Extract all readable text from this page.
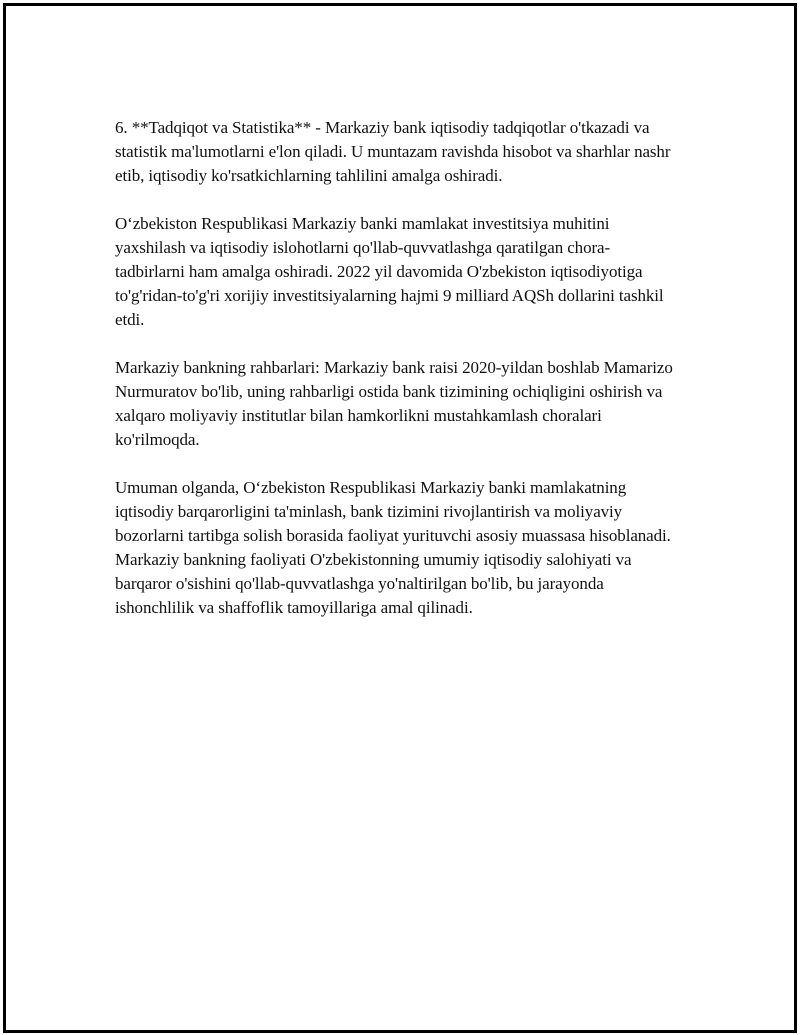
6. **Tadqiqot va Statistika** - Markaziy bank iqtisodiy tadqiqotlar o'tkazadi va statistik ma'lumotlarni e'lon qiladi. U muntazam ravishda hisobot va sharhlar nashr etib, iqtisodiy ko'rsatkichlarning tahlilini amalga oshiradi.

O‘zbekiston Respublikasi Markaziy banki mamlakat investitsiya muhitini yaxshilash va iqtisodiy islohotlarni qo'llab-quvvatlashga qaratilgan chora-tadbirlarni ham amalga oshiradi. 2022 yil davomida O'zbekiston iqtisodiyotiga to'g'ridan-to'g'ri xorijiy investitsiyalarning hajmi 9 milliard AQSh dollarini tashkil etdi.

Markaziy bankning rahbarlari: Markaziy bank raisi 2020-yildan boshlab Mamarizo Nurmuratov bo'lib, uning rahbarligi ostida bank tizimining ochiqligini oshirish va xalqaro moliyaviy institutlar bilan hamkorlikni mustahkamlash choralari ko'rilmoqda.

Umuman olganda, O‘zbekiston Respublikasi Markaziy banki mamlakatning iqtisodiy barqarorligini ta'minlash, bank tizimini rivojlantirish va moliyaviy bozorlarni tartibga solish borasida faoliyat yurituvchi asosiy muassasa hisoblanadi. Markaziy bankning faoliyati O'zbekistonning umumiy iqtisodiy salohiyati va barqaror o'sishini qo'llab-quvvatlashga yo'naltirilgan bo'lib, bu jarayonda ishonchlilik va shaffoflik tamoyillariga amal qilinadi.
